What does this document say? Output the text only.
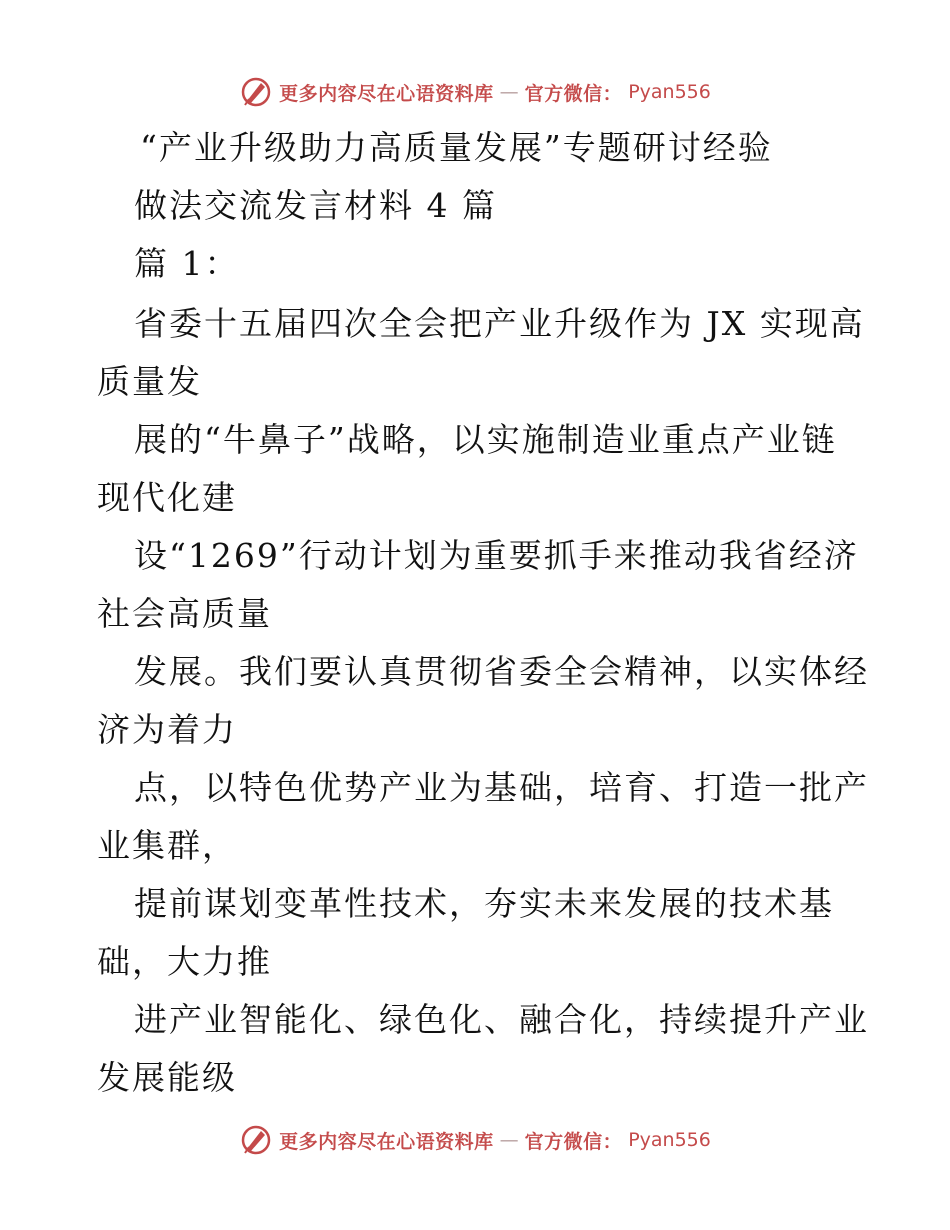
更多内容尽在心语资料库 — 官方微信： Pyan556
“产业升级助力高质量发展”专题研讨经验
做法交流发言材料 4 篇
篇 1：
省委十五届四次全会把产业升级作为 JX 实现高
质量发
展的“牛鼻子”战略，以实施制造业重点产业链
现代化建
设“1269”行动计划为重要抓手来推动我省经济
社会高质量
发展。我们要认真贯彻省委全会精神，以实体经
济为着力
点，以特色优势产业为基础，培育、打造一批产
业集群，
提前谋划变革性技术，夯实未来发展的技术基
础，大力推
进产业智能化、绿色化、融合化，持续提升产业
发展能级
更多内容尽在心语资料库 — 官方微信： Pyan556
